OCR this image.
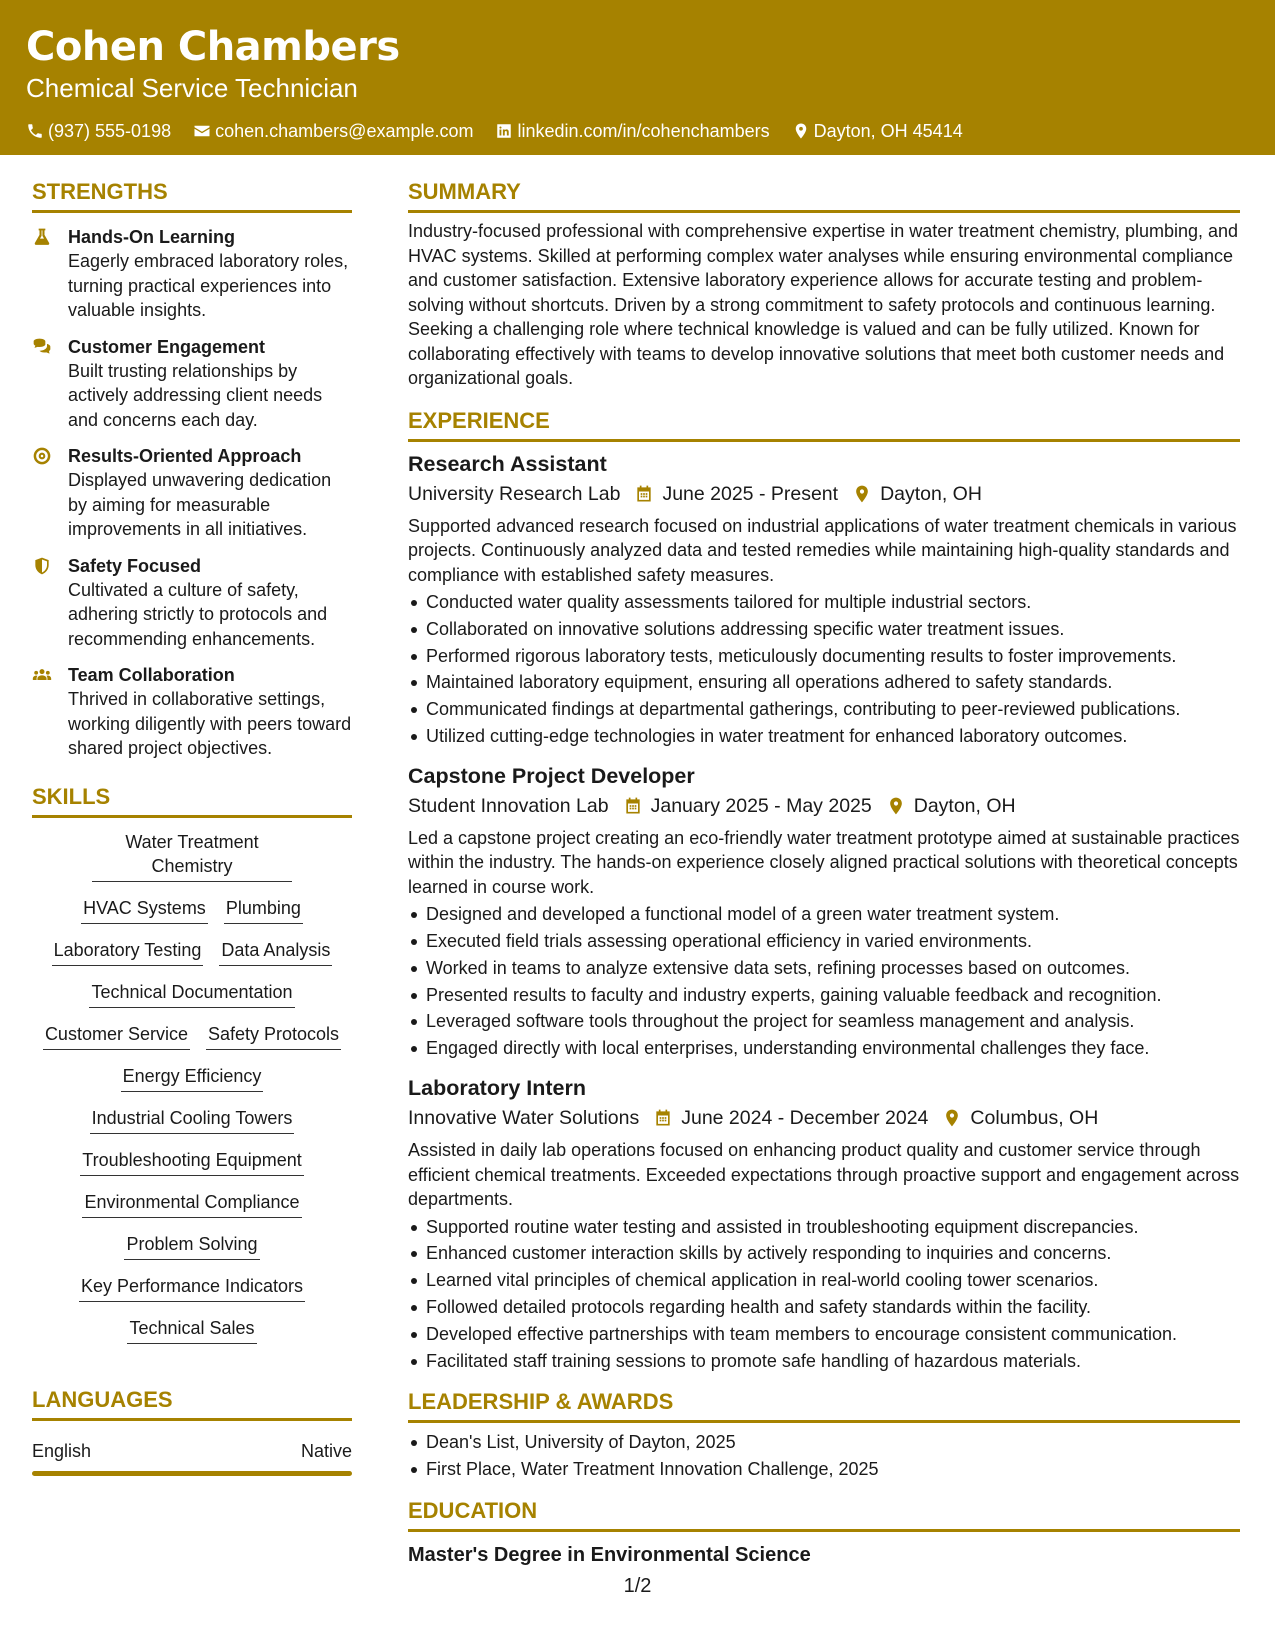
Cohen Chambers
Chemical Service Technician
(937) 555-0198 cohen.chambers@example.com linkedin.com/in/cohenchambers Dayton, OH 45414
STRENGTHS
Hands-On Learning
Eagerly embraced laboratory roles, turning practical experiences into valuable insights.
Customer Engagement
Built trusting relationships by actively addressing client needs and concerns each day.
Results-Oriented Approach
Displayed unwavering dedication by aiming for measurable improvements in all initiatives.
Safety Focused
Cultivated a culture of safety, adhering strictly to protocols and recommending enhancements.
Team Collaboration
Thrived in collaborative settings, working diligently with peers toward shared project objectives.
SKILLS
Water Treatment Chemistry
HVAC Systems Plumbing
Laboratory Testing Data Analysis
Technical Documentation
Customer Service Safety Protocols
Energy Efficiency
Industrial Cooling Towers
Troubleshooting Equipment
Environmental Compliance
Problem Solving
Key Performance Indicators
Technical Sales
LANGUAGES
English	Native
SUMMARY
Industry-focused professional with comprehensive expertise in water treatment chemistry, plumbing, and HVAC systems. Skilled at performing complex water analyses while ensuring environmental compliance and customer satisfaction. Extensive laboratory experience allows for accurate testing and problem-solving without shortcuts. Driven by a strong commitment to safety protocols and continuous learning. Seeking a challenging role where technical knowledge is valued and can be fully utilized. Known for collaborating effectively with teams to develop innovative solutions that meet both customer needs and organizational goals.
EXPERIENCE
Research Assistant
University Research Lab June 2025 - Present Dayton, OH
Supported advanced research focused on industrial applications of water treatment chemicals in various projects. Continuously analyzed data and tested remedies while maintaining high-quality standards and compliance with established safety measures.
Conducted water quality assessments tailored for multiple industrial sectors.
Collaborated on innovative solutions addressing specific water treatment issues.
Performed rigorous laboratory tests, meticulously documenting results to foster improvements.
Maintained laboratory equipment, ensuring all operations adhered to safety standards.
Communicated findings at departmental gatherings, contributing to peer-reviewed publications.
Utilized cutting-edge technologies in water treatment for enhanced laboratory outcomes.
Capstone Project Developer
Student Innovation Lab January 2025 - May 2025 Dayton, OH
Led a capstone project creating an eco-friendly water treatment prototype aimed at sustainable practices within the industry. The hands-on experience closely aligned practical solutions with theoretical concepts learned in course work.
Designed and developed a functional model of a green water treatment system.
Executed field trials assessing operational efficiency in varied environments.
Worked in teams to analyze extensive data sets, refining processes based on outcomes.
Presented results to faculty and industry experts, gaining valuable feedback and recognition.
Leveraged software tools throughout the project for seamless management and analysis.
Engaged directly with local enterprises, understanding environmental challenges they face.
Laboratory Intern
Innovative Water Solutions June 2024 - December 2024 Columbus, OH
Assisted in daily lab operations focused on enhancing product quality and customer service through efficient chemical treatments. Exceeded expectations through proactive support and engagement across departments.
Supported routine water testing and assisted in troubleshooting equipment discrepancies.
Enhanced customer interaction skills by actively responding to inquiries and concerns.
Learned vital principles of chemical application in real-world cooling tower scenarios.
Followed detailed protocols regarding health and safety standards within the facility.
Developed effective partnerships with team members to encourage consistent communication.
Facilitated staff training sessions to promote safe handling of hazardous materials.
LEADERSHIP & AWARDS
Dean's List, University of Dayton, 2025
First Place, Water Treatment Innovation Challenge, 2025
EDUCATION
Master's Degree in Environmental Science
1/2
